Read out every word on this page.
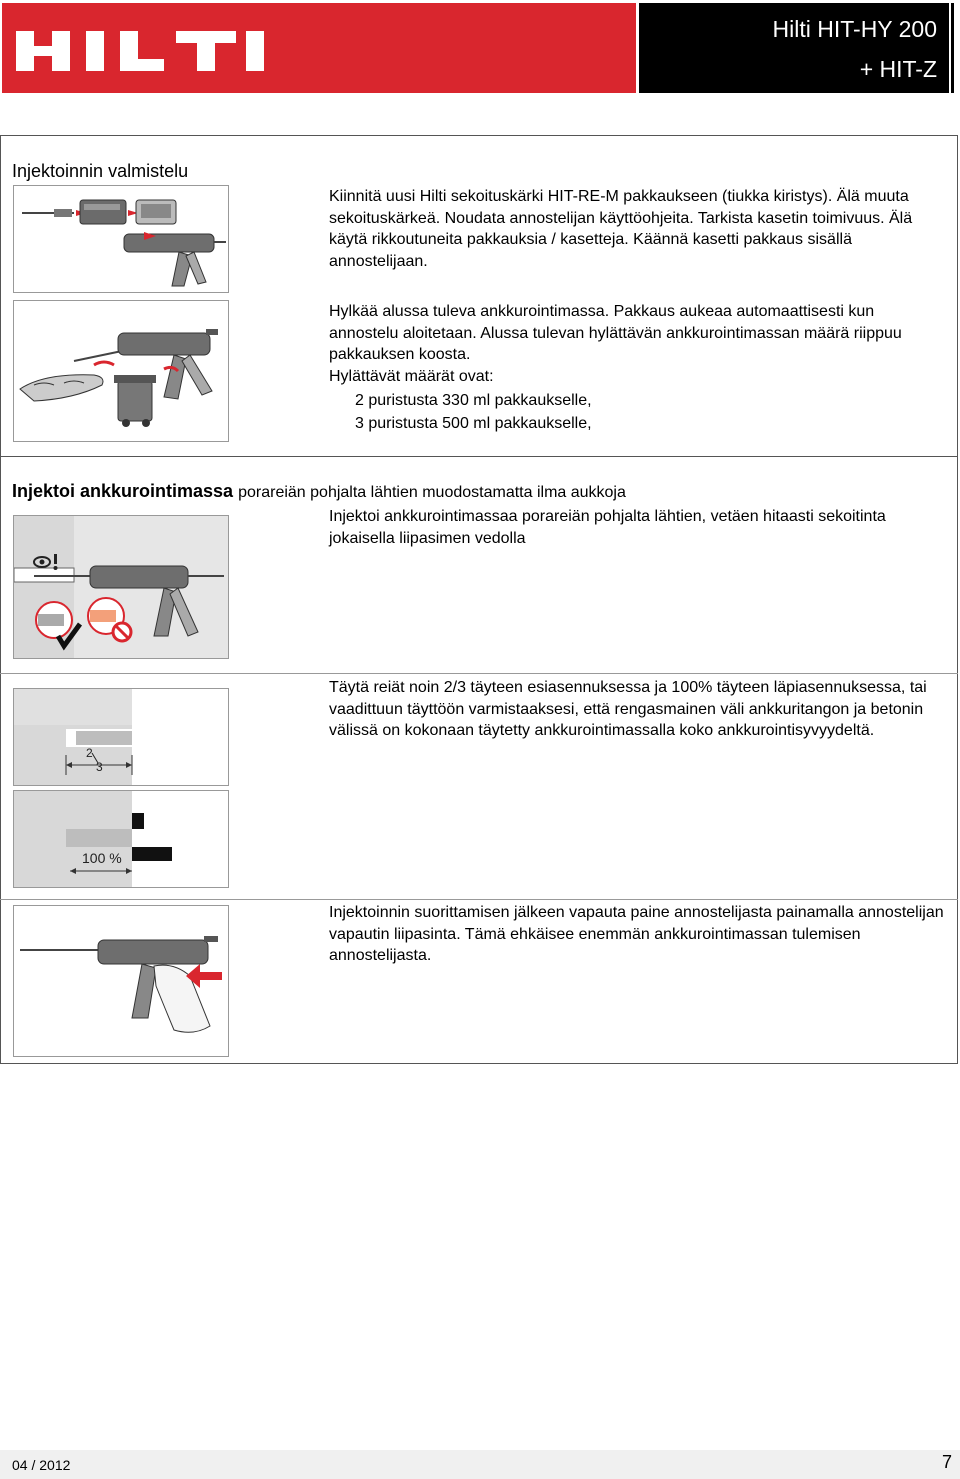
Hilti HIT-HY 200
+ HIT-Z
Injektoinnin valmistelu
Kiinnitä uusi Hilti sekoituskärki HIT-RE-M pakkaukseen (tiukka kiristys). Älä muuta sekoituskärkeä. Noudata annostelijan käyttöohjeita. Tarkista kasetin toimivuus. Älä käytä rikkoutuneita pakkauksia / kasetteja. Käännä kasetti pakkaus sisällä annostelijaan.
Hylkää alussa tuleva ankkurointimassa. Pakkaus aukeaa automaattisesti kun annostelu aloitetaan. Alussa tulevan hylättävän ankkurointimassan määrä riippuu pakkauksen koosta.
Hylättävät määrät ovat:
2 puristusta 330 ml pakkaukselle,
3 puristusta 500 ml pakkaukselle,
Injektoi ankkurointimassa porareiän pohjalta lähtien muodostamatta ilma aukkoja
Injektoi ankkurointimassaa porareiän pohjalta lähtien, vetäen hitaasti sekoitinta jokaisella liipasimen vedolla
2
3
100 %
Täytä reiät noin 2/3 täyteen esiasennuksessa ja 100% täyteen läpiasennuksessa, tai vaadittuun täyttöön varmistaaksesi, että rengasmainen väli ankkuritangon ja betonin välissä on kokonaan täytetty ankkurointimassalla koko ankkurointisyvyydeltä.
Injektoinnin suorittamisen jälkeen vapauta paine annostelijasta painamalla annostelijan vapautin liipasinta. Tämä ehkäisee enemmän ankkurointimassan tulemisen annostelijasta.
04 / 2012	7
